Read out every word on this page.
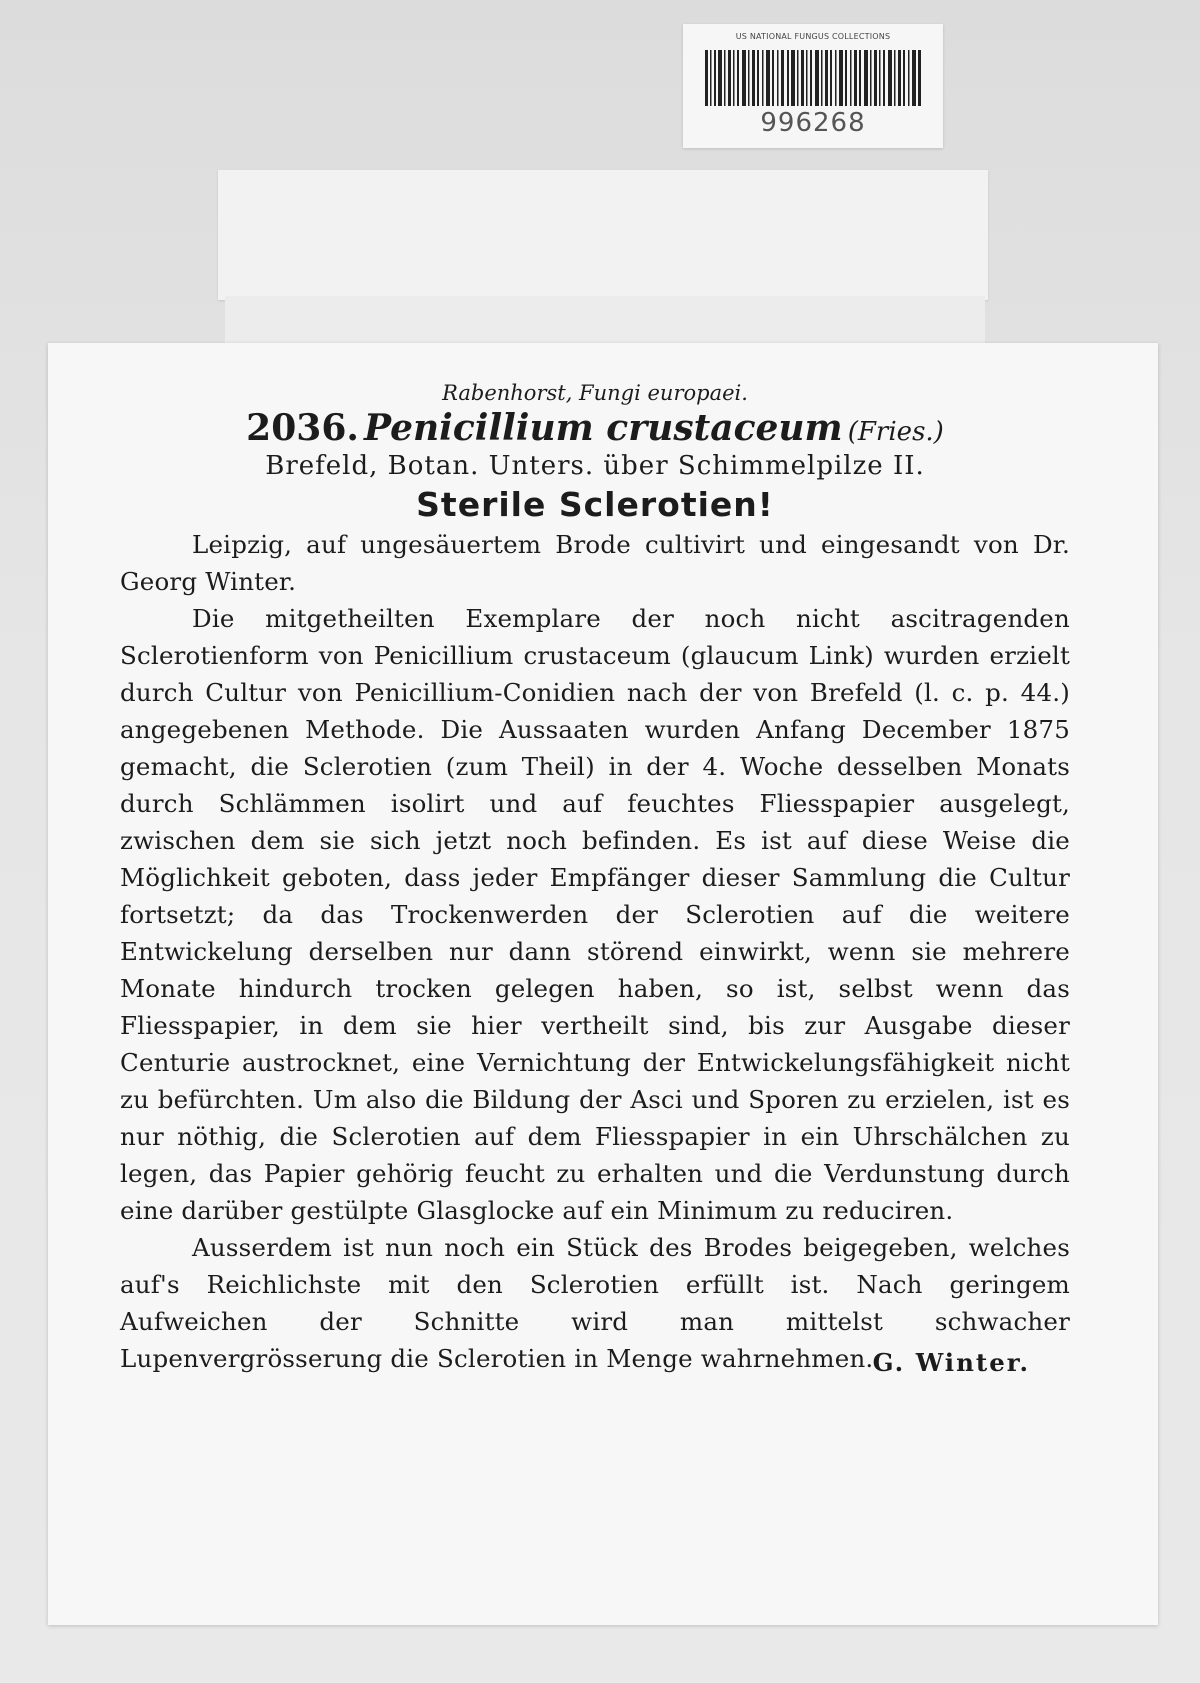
US NATIONAL FUNGUS COLLECTIONS
996268
Rabenhorst, Fungi europaei.
2036. Penicillium crustaceum (Fries.)
Brefeld, Botan. Unters. über Schimmelpilze II.
Sterile Sclerotien!

Leipzig, auf ungesäuertem Brode cultivirt und eingesandt von Dr. Georg Winter.

Die mitgetheilten Exemplare der noch nicht ascitragenden Sclerotienform von Penicillium crustaceum (glaucum Link) wurden erzielt durch Cultur von Penicillium-Conidien nach der von Brefeld (l. c. p. 44.) angegebenen Methode. Die Aussaaten wurden Anfang December 1875 gemacht, die Sclerotien (zum Theil) in der 4. Woche desselben Monats durch Schlämmen isolirt und auf feuchtes Fliesspapier ausgelegt, zwischen dem sie sich jetzt noch befinden. Es ist auf diese Weise die Möglichkeit geboten, dass jeder Empfänger dieser Sammlung die Cultur fortsetzt; da das Trockenwerden der Sclerotien auf die weitere Entwickelung derselben nur dann störend einwirkt, wenn sie mehrere Monate hindurch trocken gelegen haben, so ist, selbst wenn das Fliesspapier, in dem sie hier vertheilt sind, bis zur Ausgabe dieser Centurie austrocknet, eine Vernichtung der Entwickelungsfähigkeit nicht zu befürchten. Um also die Bildung der Asci und Sporen zu erzielen, ist es nur nöthig, die Sclerotien auf dem Fliesspapier in ein Uhrschälchen zu legen, das Papier gehörig feucht zu erhalten und die Verdunstung durch eine darüber gestülpte Glasglocke auf ein Minimum zu reduciren.

Ausserdem ist nun noch ein Stück des Brodes beigegeben, welches auf's Reichlichste mit den Sclerotien erfüllt ist. Nach geringem Aufweichen der Schnitte wird man mittelst schwacher Lupenvergrösserung die Sclerotien in Menge wahrnehmen. G. Winter.
